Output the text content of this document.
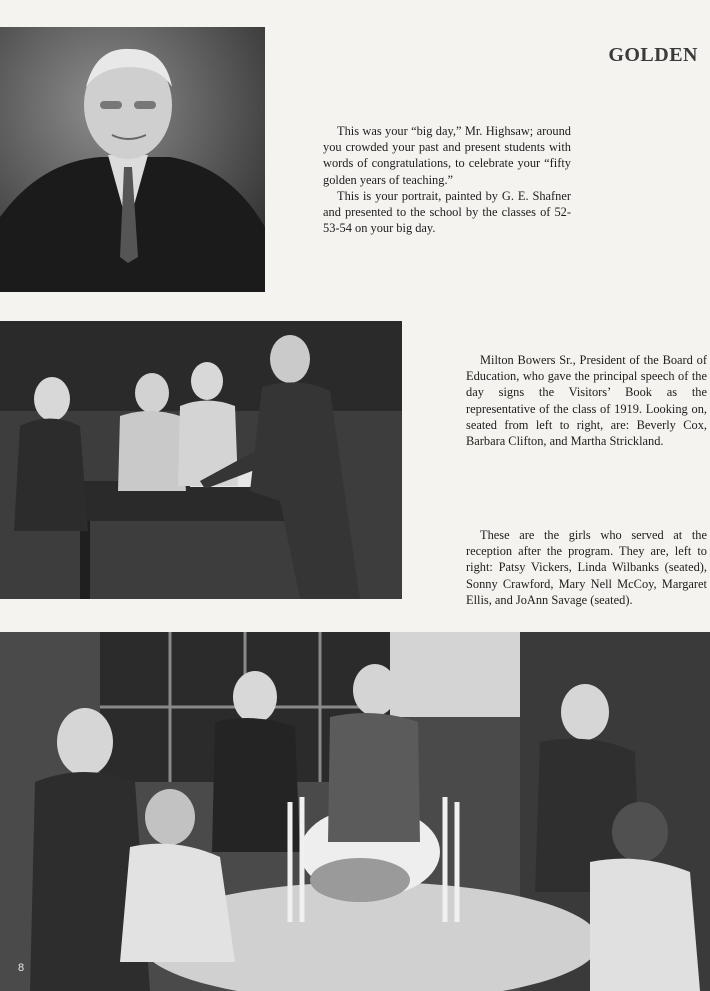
GOLDEN

This was your “big day,” Mr. Highsaw; around you crowded your past and present students with words of congratulations, to celebrate your “fifty golden years of teaching.”

This is your portrait, painted by G. E. Shafner and presented to the school by the classes of 52-53-54 on your big day.

Milton Bowers Sr., President of the Board of Education, who gave the principal speech of the day signs the Visitors’ Book as the representative of the class of 1919. Looking on, seated from left to right, are: Beverly Cox, Barbara Clifton, and Martha Strickland.

These are the girls who served at the reception after the program. They are, left to right: Patsy Vickers, Linda Wilbanks (seated), Sonny Crawford, Mary Nell McCoy, Margaret Ellis, and JoAnn Savage (seated).

8
